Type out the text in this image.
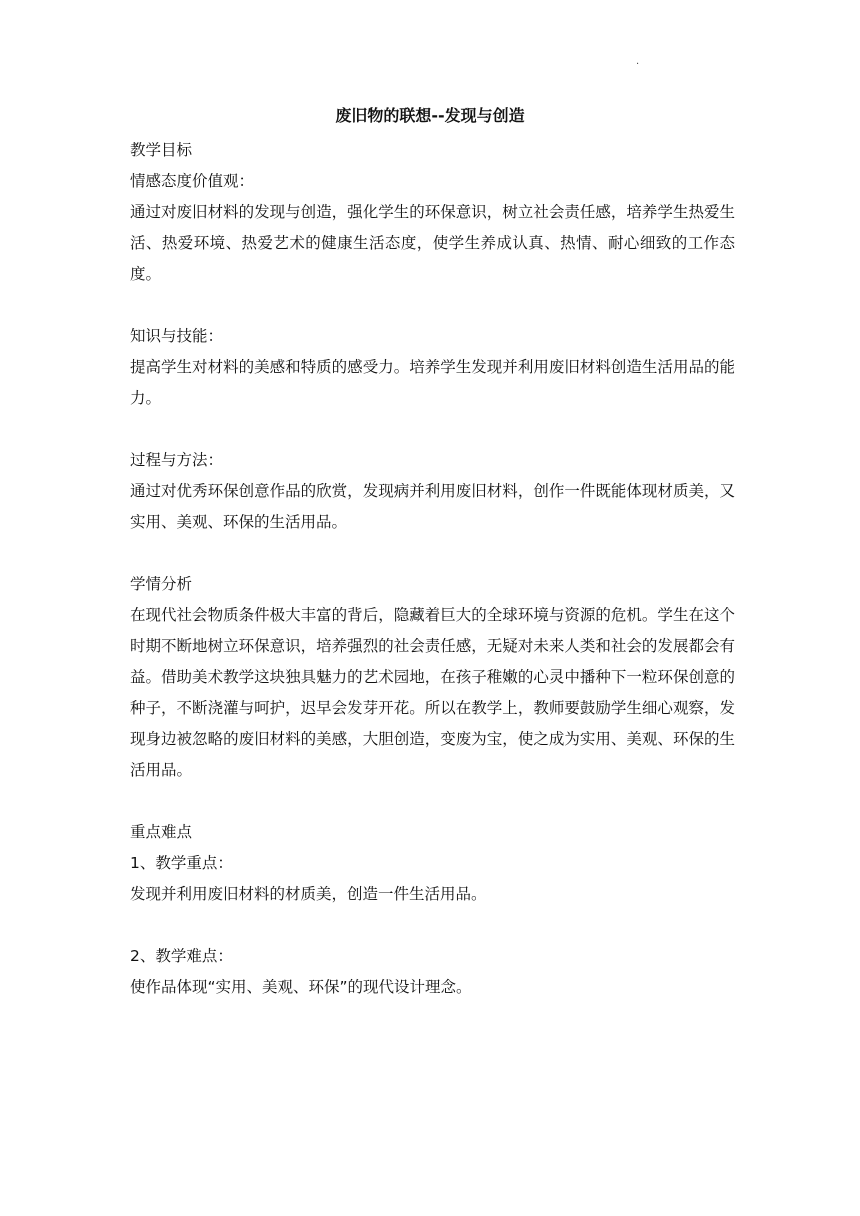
.
废旧物的联想--发现与创造

教学目标

情感态度价值观：

通过对废旧材料的发现与创造，强化学生的环保意识，树立社会责任感，培养学生热爱生活、热爱环境、热爱艺术的健康生活态度，使学生养成认真、热情、耐心细致的工作态度。

知识与技能：

提高学生对材料的美感和特质的感受力。培养学生发现并利用废旧材料创造生活用品的能力。

过程与方法：

通过对优秀环保创意作品的欣赏，发现病并利用废旧材料，创作一件既能体现材质美，又实用、美观、环保的生活用品。

学情分析

在现代社会物质条件极大丰富的背后，隐藏着巨大的全球环境与资源的危机。学生在这个时期不断地树立环保意识，培养强烈的社会责任感，无疑对未来人类和社会的发展都会有益。借助美术教学这块独具魅力的艺术园地，在孩子稚嫩的心灵中播种下一粒环保创意的种子，不断浇灌与呵护，迟早会发芽开花。所以在教学上，教师要鼓励学生细心观察，发现身边被忽略的废旧材料的美感，大胆创造，变废为宝，使之成为实用、美观、环保的生活用品。

重点难点

1、教学重点：

发现并利用废旧材料的材质美，创造一件生活用品。

2、教学难点：

使作品体现“实用、美观、环保”的现代设计理念。
